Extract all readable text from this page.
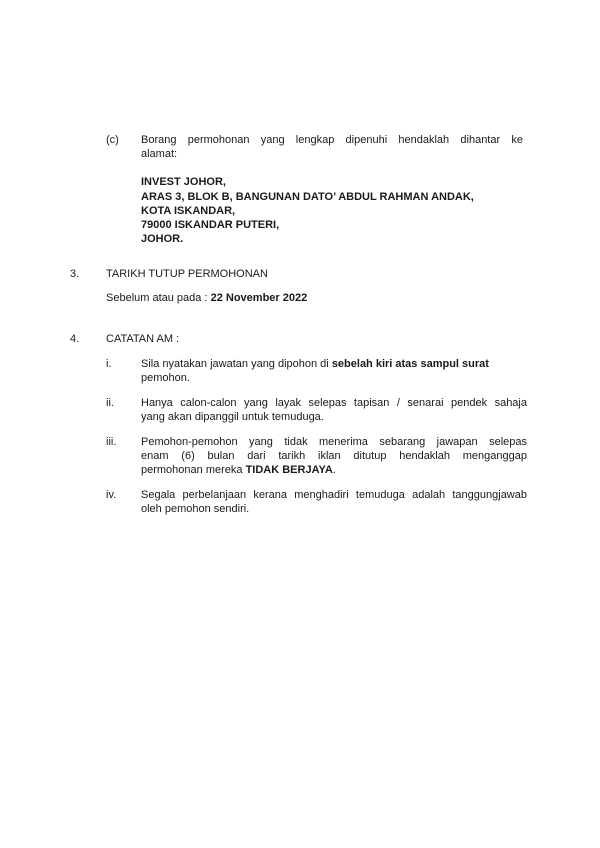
(c) Borang permohonan yang lengkap dipenuhi hendaklah dihantar ke
alamat:
INVEST JOHOR,
ARAS 3, BLOK B, BANGUNAN DATO’ ABDUL RAHMAN ANDAK,
KOTA ISKANDAR,
79000 ISKANDAR PUTERI,
JOHOR.
3. TARIKH TUTUP PERMOHONAN
Sebelum atau pada : 22 November 2022
4. CATATAN AM :
i.	Sila nyatakan jawatan yang dipohon di sebelah kiri atas sampul surat
pemohon.
ii. Hanya calon-calon yang layak selepas tapisan / senarai pendek sahaja
yang akan dipanggil untuk temuduga.
iii. Pemohon-pemohon yang tidak menerima sebarang jawapan selepas
enam (6) bulan dari tarikh iklan ditutup hendaklah menganggap
permohonan mereka TIDAK BERJAYA.
iv. Segala perbelanjaan kerana menghadiri temuduga adalah tanggungjawab
oleh pemohon sendiri.
